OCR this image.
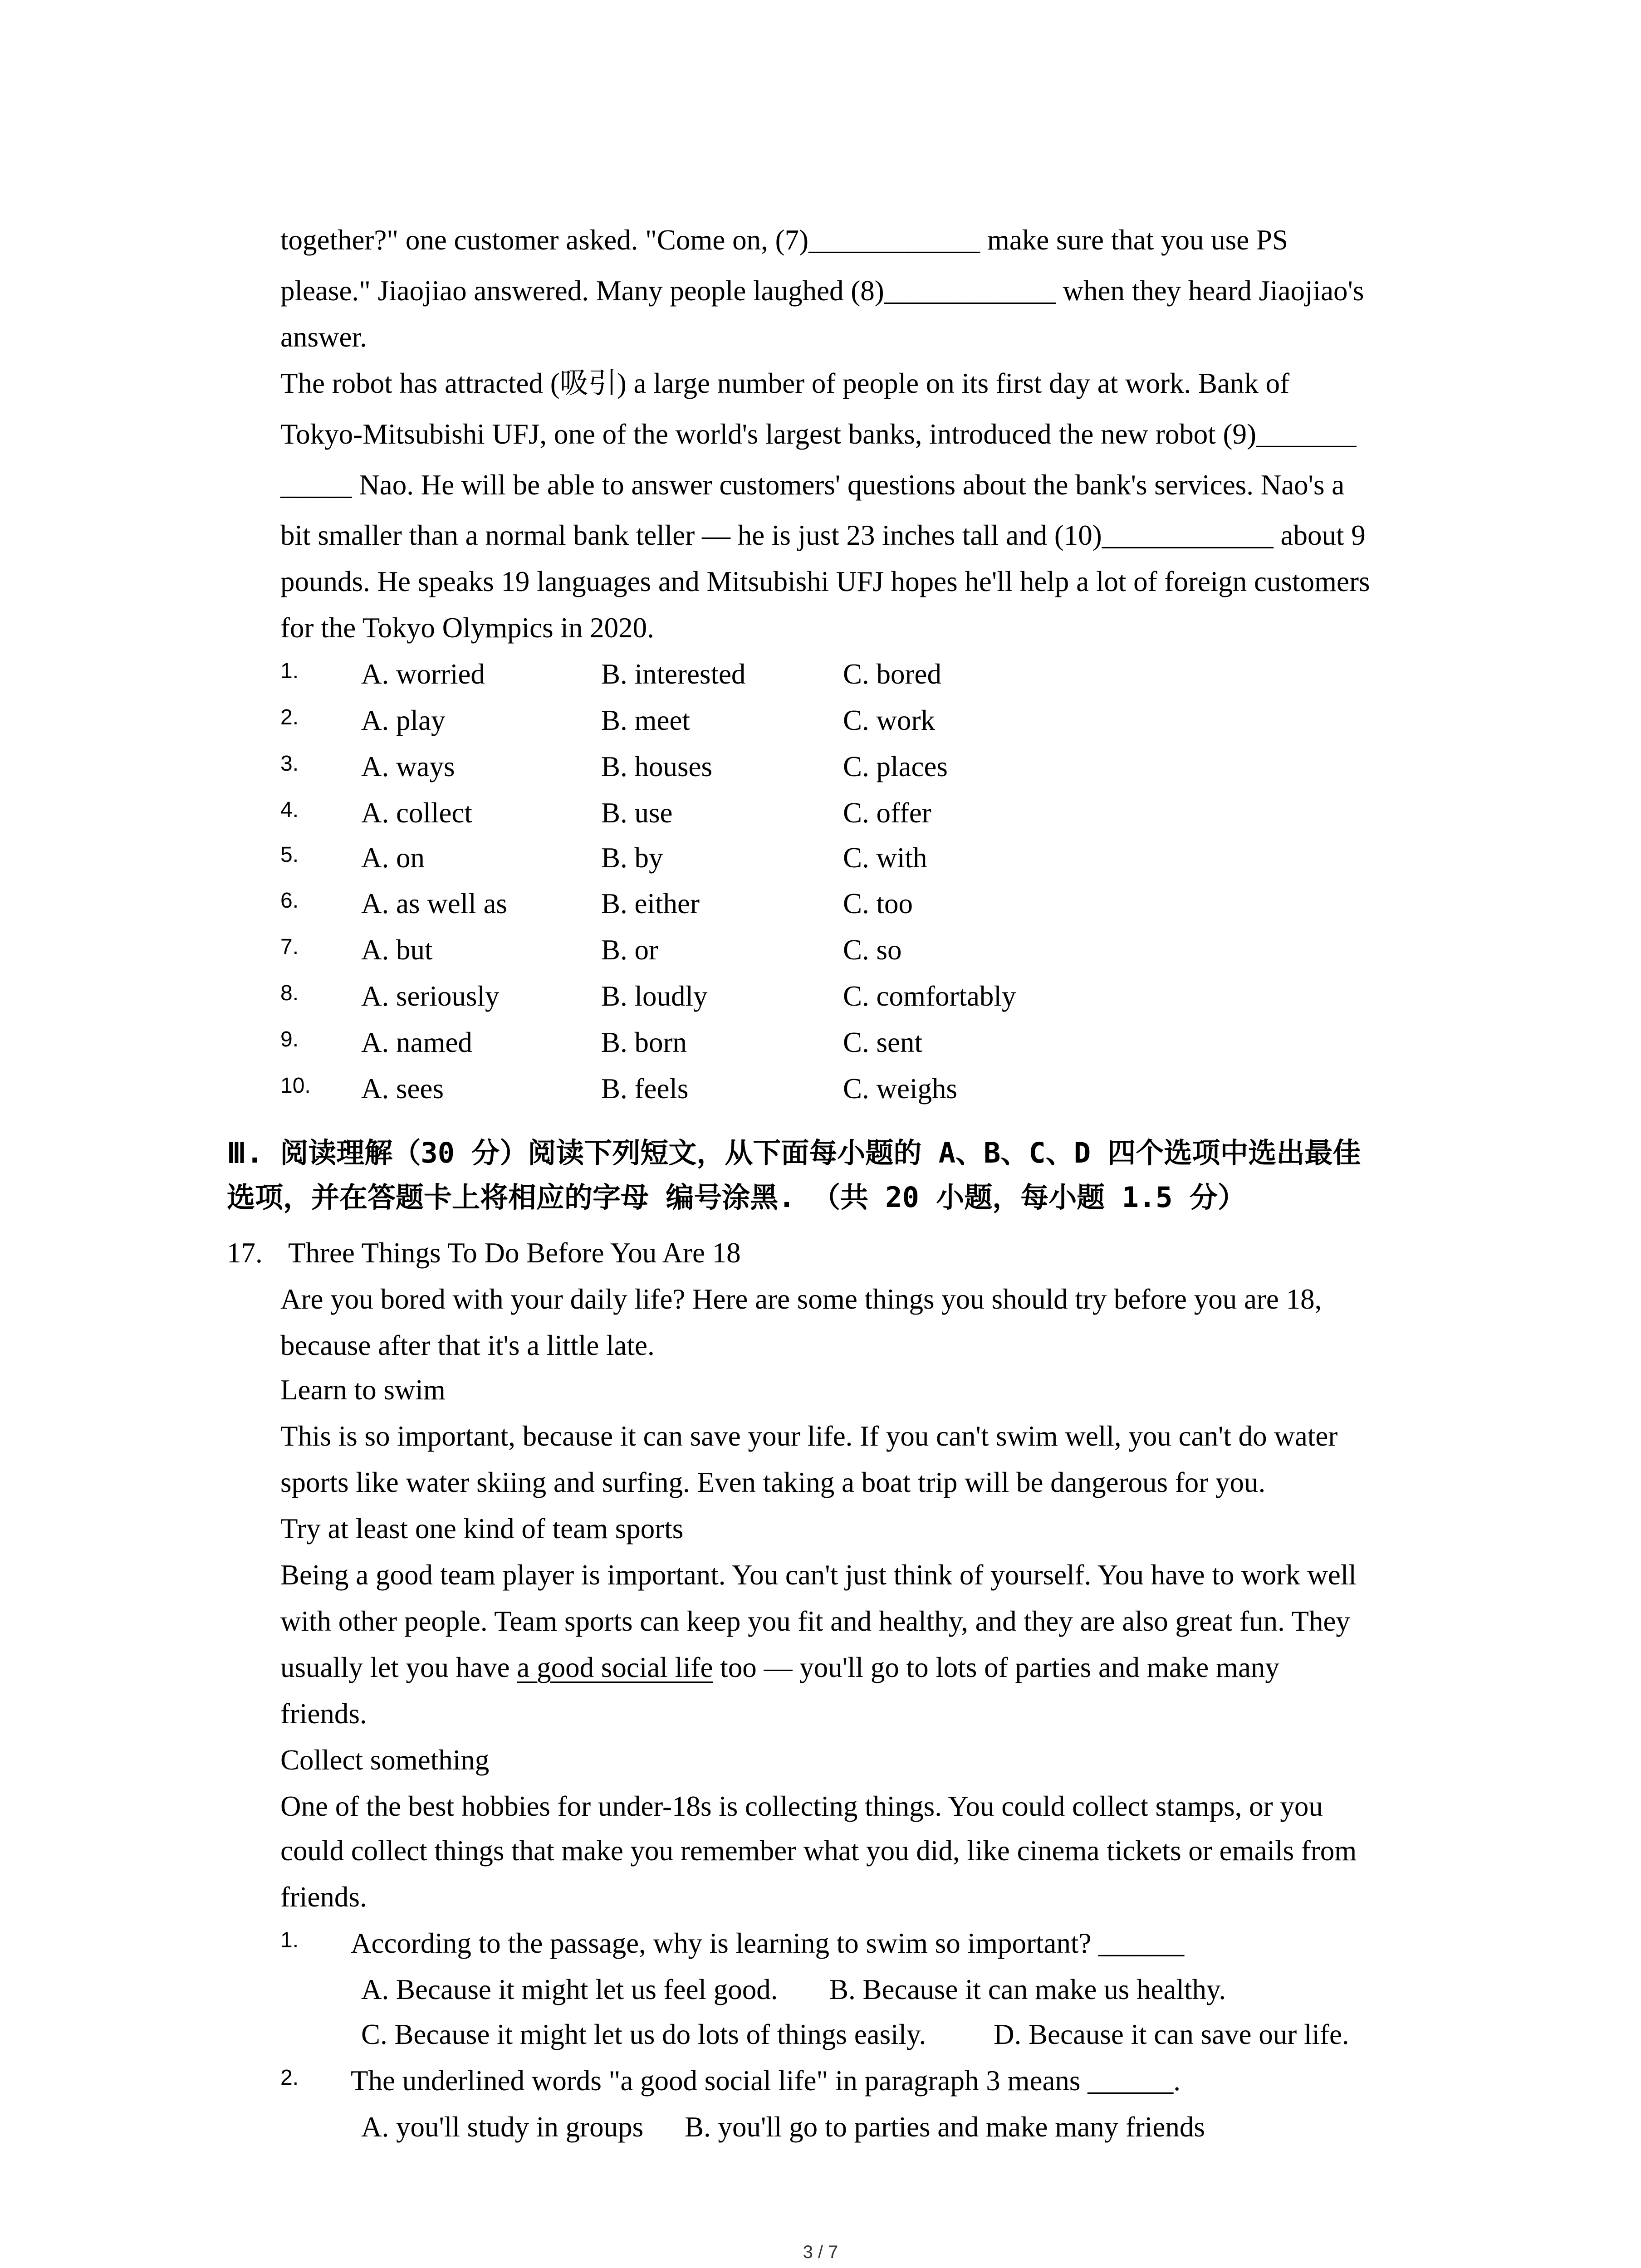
together?" one customer asked. "Come on, (7)____________ make sure that you use PS
please." Jiaojiao answered. Many people laughed (8)____________ when they heard Jiaojiao's
answer.
The robot has attracted (吸引) a large number of people on its first day at work. Bank of
Tokyo-Mitsubishi UFJ, one of the world's largest banks, introduced the new robot (9)_______
_____ Nao. He will be able to answer customers' questions about the bank's services. Nao's a
bit smaller than a normal bank teller — he is just 23 inches tall and (10)____________ about 9
pounds. He speaks 19 languages and Mitsubishi UFJ hopes he'll help a lot of foreign customers
for the Tokyo Olympics in 2020.
1. A. worried	B. interested	C. bored
2. A. play	B. meet	C. work
3. A. ways	B. houses	C. places
4. A. collect	B. use	C. offer
5. A. on	B. by	C. with
6. A. as well as	B. either	C. too
7. A. but	B. or	C. so
8. A. seriously	B. loudly	C. comfortably
9. A. named	B. born	C. sent
10. A. sees	B. feels	C. weighs
Ⅲ. 阅读理解（30 分）阅读下列短文，从下面每小题的 A、B、C、D 四个选项中选出最佳
选项，并在答题卡上将相应的字母 编号涂黑. （共 20 小题，每小题 1.5 分）
17. Three Things To Do Before You Are 18
Are you bored with your daily life? Here are some things you should try before you are 18,
because after that it's a little late.
Learn to swim
This is so important, because it can save your life. If you can't swim well, you can't do water
sports like water skiing and surfing. Even taking a boat trip will be dangerous for you.
Try at least one kind of team sports
Being a good team player is important. You can't just think of yourself. You have to work well
with other people. Team sports can keep you fit and healthy, and they are also great fun. They
usually let you have a good social life too — you'll go to lots of parties and make many
friends.
Collect something
One of the best hobbies for under-18s is collecting things. You could collect stamps, or you
could collect things that make you remember what you did, like cinema tickets or emails from
friends.
1. According to the passage, why is learning to swim so important? ______
A. Because it might let us feel good. B. Because it can make us healthy.
C. Because it might let us do lots of things easily. D. Because it can save our life.
2. The underlined words "a good social life" in paragraph 3 means ______.
A. you'll study in groups B. you'll go to parties and make many friends
3 / 7
